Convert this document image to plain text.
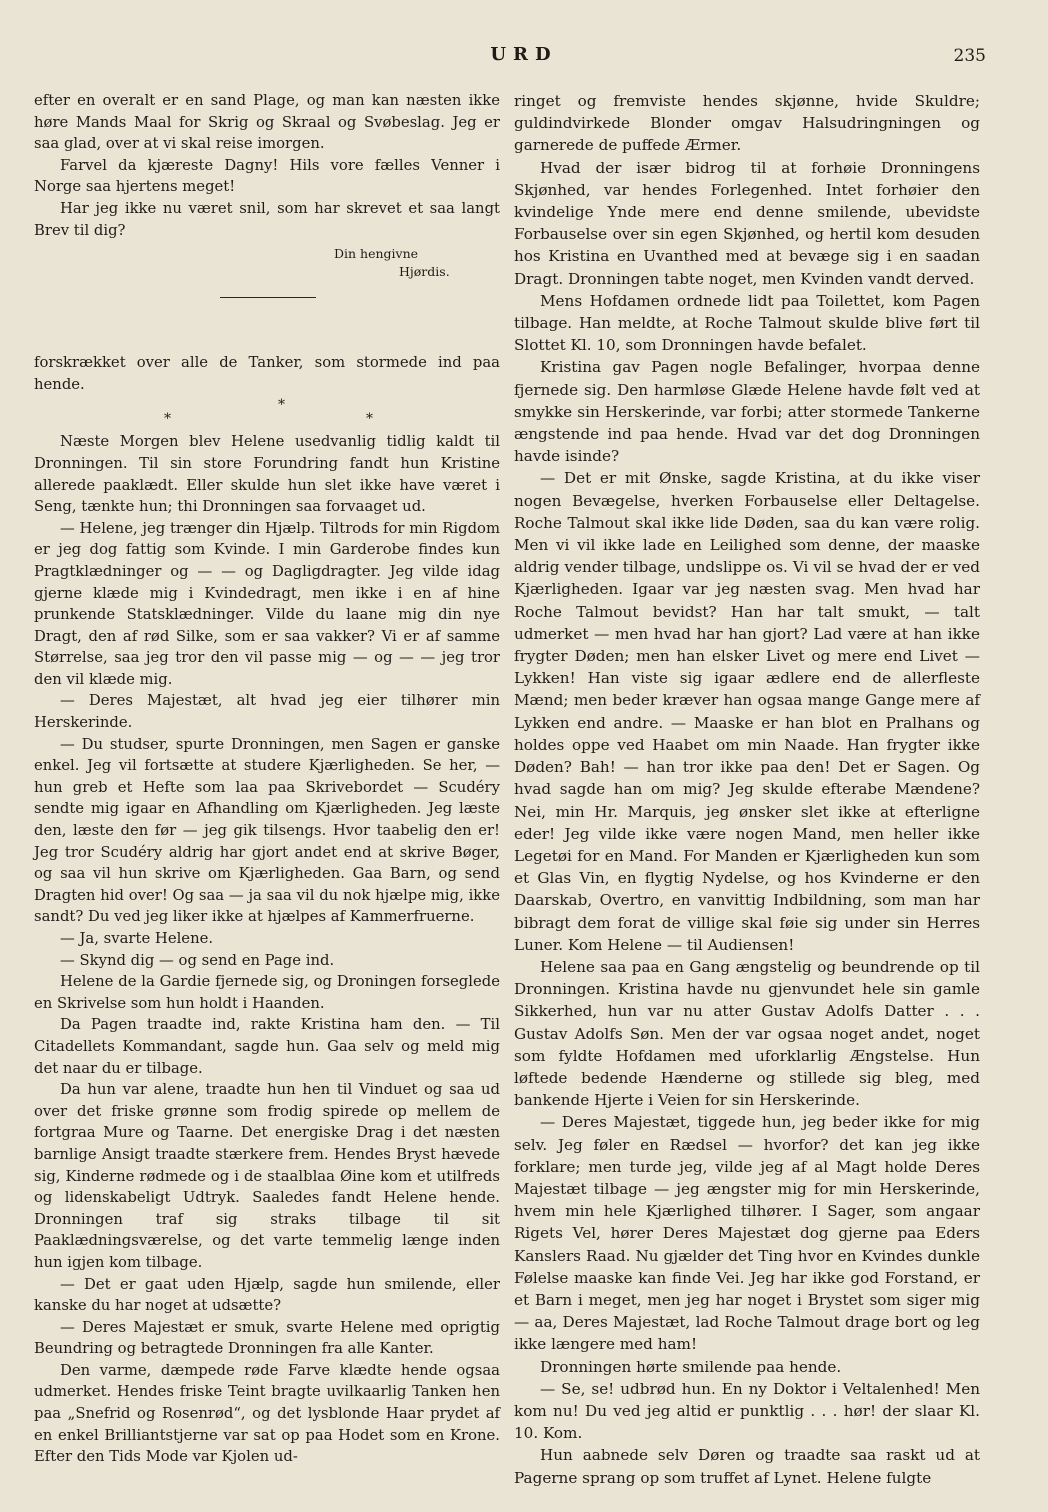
URD	235

efter en overalt er en sand Plage, og man kan næsten ikke høre Mands Maal for Skrig og Skraal og Svøbeslag. Jeg er saa glad, over at vi skal reise imorgen.

Farvel da kjæreste Dagny! Hils vore fælles Venner i Norge saa hjertens meget!

Har jeg ikke nu været snil, som har skrevet et saa langt Brev til dig?

Din hengivne
Hjørdis.

forskrækket over alle de Tanker, som stormede ind paa hende.

*
*	*

Næste Morgen blev Helene usedvanlig tidlig kaldt til Dronningen. Til sin store Forundring fandt hun Kristine allerede paaklædt. Eller skulde hun slet ikke have været i Seng, tænkte hun; thi Dronningen saa forvaaget ud.

— Helene, jeg trænger din Hjælp. Tiltrods for min Rigdom er jeg dog fattig som Kvinde. I min Garderobe findes kun Pragtklædninger og — — og Dagligdragter. Jeg vilde idag gjerne klæde mig i Kvindedragt, men ikke i en af hine prunkende Statsklædninger. Vilde du laane mig din nye Dragt, den af rød Silke, som er saa vakker? Vi er af samme Størrelse, saa jeg tror den vil passe mig — og — — jeg tror den vil klæde mig.

— Deres Majestæt, alt hvad jeg eier tilhører min Herskerinde.

— Du studser, spurte Dronningen, men Sagen er ganske enkel. Jeg vil fortsætte at studere Kjærligheden. Se her, — hun greb et Hefte som laa paa Skrivebordet — Scudéry sendte mig igaar en Afhandling om Kjærligheden. Jeg læste den, læste den før — jeg gik tilsengs. Hvor taabelig den er! Jeg tror Scudéry aldrig har gjort andet end at skrive Bøger, og saa vil hun skrive om Kjærligheden. Gaa Barn, og send Dragten hid over! Og saa — ja saa vil du nok hjælpe mig, ikke sandt? Du ved jeg liker ikke at hjælpes af Kammerfruerne.

— Ja, svarte Helene.

— Skynd dig — og send en Page ind.

Helene de la Gardie fjernede sig, og Droningen forseglede en Skrivelse som hun holdt i Haanden.

Da Pagen traadte ind, rakte Kristina ham den. — Til Citadellets Kommandant, sagde hun. Gaa selv og meld mig det naar du er tilbage.

Da hun var alene, traadte hun hen til Vinduet og saa ud over det friske grønne som frodig spirede op mellem de fortgraa Mure og Taarne. Det energiske Drag i det næsten barnlige Ansigt traadte stærkere frem. Hendes Bryst hævede sig, Kinderne rødmede og i de staalblaa Øine kom et utilfreds og lidenskabeligt Udtryk. Saaledes fandt Helene hende. Dronningen traf sig straks tilbage til sit Paaklædningsværelse, og det varte temmelig længe inden hun igjen kom tilbage.

— Det er gaat uden Hjælp, sagde hun smilende, eller kanske du har noget at udsætte?

— Deres Majestæt er smuk, svarte Helene med oprigtig Beundring og betragtede Dronningen fra alle Kanter.

Den varme, dæmpede røde Farve klædte hende ogsaa udmerket. Hendes friske Teint bragte uvilkaarlig Tanken hen paa „Snefrid og Rosenrød“, og det lysblonde Haar prydet af en enkel Brilliantstjerne var sat op paa Hodet som en Krone. Efter den Tids Mode var Kjolen ud-

ringet og fremviste hendes skjønne, hvide Skuldre; guldindvirkede Blonder omgav Halsudringningen og garnerede de puffede Ærmer.

Hvad der især bidrog til at forhøie Dronningens Skjønhed, var hendes Forlegenhed. Intet forhøier den kvindelige Ynde mere end denne smilende, ubevidste Forbauselse over sin egen Skjønhed, og hertil kom desuden hos Kristina en Uvanthed med at bevæge sig i en saadan Dragt. Dronningen tabte noget, men Kvinden vandt derved.

Mens Hofdamen ordnede lidt paa Toilettet, kom Pagen tilbage. Han meldte, at Roche Talmout skulde blive ført til Slottet Kl. 10, som Dronningen havde befalet.

Kristina gav Pagen nogle Befalinger, hvorpaa denne fjernede sig. Den harmløse Glæde Helene havde følt ved at smykke sin Herskerinde, var forbi; atter stormede Tankerne ængstende ind paa hende. Hvad var det dog Dronningen havde isinde?

— Det er mit Ønske, sagde Kristina, at du ikke viser nogen Bevægelse, hverken Forbauselse eller Deltagelse. Roche Talmout skal ikke lide Døden, saa du kan være rolig. Men vi vil ikke lade en Leilighed som denne, der maaske aldrig vender tilbage, undslippe os. Vi vil se hvad der er ved Kjærligheden. Igaar var jeg næsten svag. Men hvad har Roche Talmout bevidst? Han har talt smukt, — talt udmerket — men hvad har han gjort? Lad være at han ikke frygter Døden; men han elsker Livet og mere end Livet — Lykken! Han viste sig igaar ædlere end de allerfleste Mænd; men beder kræver han ogsaa mange Gange mere af Lykken end andre. — Maaske er han blot en Pralhans og holdes oppe ved Haabet om min Naade. Han frygter ikke Døden? Bah! — han tror ikke paa den! Det er Sagen. Og hvad sagde han om mig? Jeg skulde efterabe Mændene? Nei, min Hr. Marquis, jeg ønsker slet ikke at efterligne eder! Jeg vilde ikke være nogen Mand, men heller ikke Legetøi for en Mand. For Manden er Kjærligheden kun som et Glas Vin, en flygtig Nydelse, og hos Kvinderne er den Daarskab, Overtro, en vanvittig Indbildning, som man har bibragt dem forat de villige skal føie sig under sin Herres Luner. Kom Helene — til Audiensen!

Helene saa paa en Gang ængstelig og beundrende op til Dronningen. Kristina havde nu gjenvundet hele sin gamle Sikkerhed, hun var nu atter Gustav Adolfs Datter . . . Gustav Adolfs Søn. Men der var ogsaa noget andet, noget som fyldte Hofdamen med uforklarlig Ængstelse. Hun løftede bedende Hænderne og stillede sig bleg, med bankende Hjerte i Veien for sin Herskerinde.

— Deres Majestæt, tiggede hun, jeg beder ikke for mig selv. Jeg føler en Rædsel — hvorfor? det kan jeg ikke forklare; men turde jeg, vilde jeg af al Magt holde Deres Majestæt tilbage — jeg ængster mig for min Herskerinde, hvem min hele Kjærlighed tilhører. I Sager, som angaar Rigets Vel, hører Deres Majestæt dog gjerne paa Eders Kanslers Raad. Nu gjælder det Ting hvor en Kvindes dunkle Følelse maaske kan finde Vei. Jeg har ikke god Forstand, er et Barn i meget, men jeg har noget i Brystet som siger mig — aa, Deres Majestæt, lad Roche Talmout drage bort og leg ikke længere med ham!

Dronningen hørte smilende paa hende.

— Se, se! udbrød hun. En ny Doktor i Veltalenhed! Men kom nu! Du ved jeg altid er punktlig . . . hør! der slaar Kl. 10. Kom.

Hun aabnede selv Døren og traadte saa raskt ud at Pagerne sprang op som truffet af Lynet. Helene fulgte
